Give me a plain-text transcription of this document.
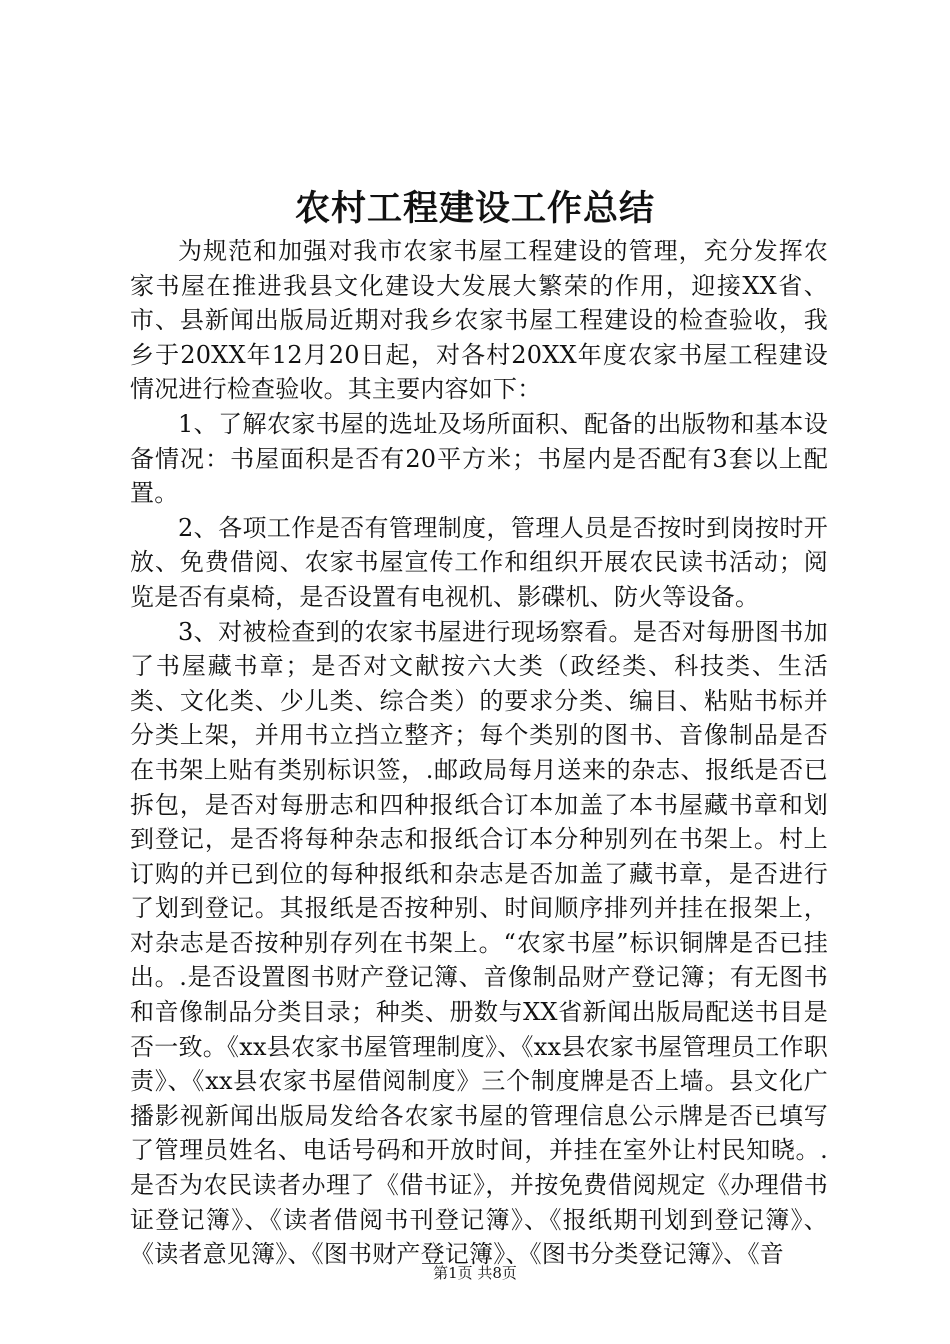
农村工程建设工作总结

为规范和加强对我市农家书屋工程建设的管理，充分发挥农家书屋在推进我县文化建设大发展大繁荣的作用，迎接XX省、市、县新闻出版局近期对我乡农家书屋工程建设的检查验收，我乡于20XX年12月20日起，对各村20XX年度农家书屋工程建设情况进行检查验收。其主要内容如下：

1、了解农家书屋的选址及场所面积、配备的出版物和基本设备情况：书屋面积是否有20平方米；书屋内是否配有3套以上配置。

2、各项工作是否有管理制度，管理人员是否按时到岗按时开放、免费借阅、农家书屋宣传工作和组织开展农民读书活动；阅览是否有桌椅，是否设置有电视机、影碟机、防火等设备。

3、对被检查到的农家书屋进行现场察看。是否对每册图书加了书屋藏书章；是否对文献按六大类（政经类、科技类、生活类、文化类、少儿类、综合类）的要求分类、编目、粘贴书标并分类上架，并用书立挡立整齐；每个类别的图书、音像制品是否在书架上贴有类别标识签，.邮政局每月送来的杂志、报纸是否已拆包，是否对每册志和四种报纸合订本加盖了本书屋藏书章和划到登记，是否将每种杂志和报纸合订本分种别列在书架上。村上订购的并已到位的每种报纸和杂志是否加盖了藏书章，是否进行了划到登记。其报纸是否按种别、时间顺序排列并挂在报架上，对杂志是否按种别存列在书架上。“农家书屋”标识铜牌是否已挂出。.是否设置图书财产登记簿、音像制品财产登记簿；有无图书和音像制品分类目录；种类、册数与XX省新闻出版局配送书目是否一致。《xx县农家书屋管理制度》、《xx县农家书屋管理员工作职责》、《xx县农家书屋借阅制度》三个制度牌是否上墙。县文化广播影视新闻出版局发给各农家书屋的管理信息公示牌是否已填写了管理员姓名、电话号码和开放时间，并挂在室外让村民知晓。.是否为农民读者办理了《借书证》，并按免费借阅规定《办理借书证登记簿》、《读者借阅书刊登记簿》、《报纸期刊划到登记簿》、《读者意见簿》、《图书财产登记簿》、《图书分类登记簿》、《音

第1页 共8页
